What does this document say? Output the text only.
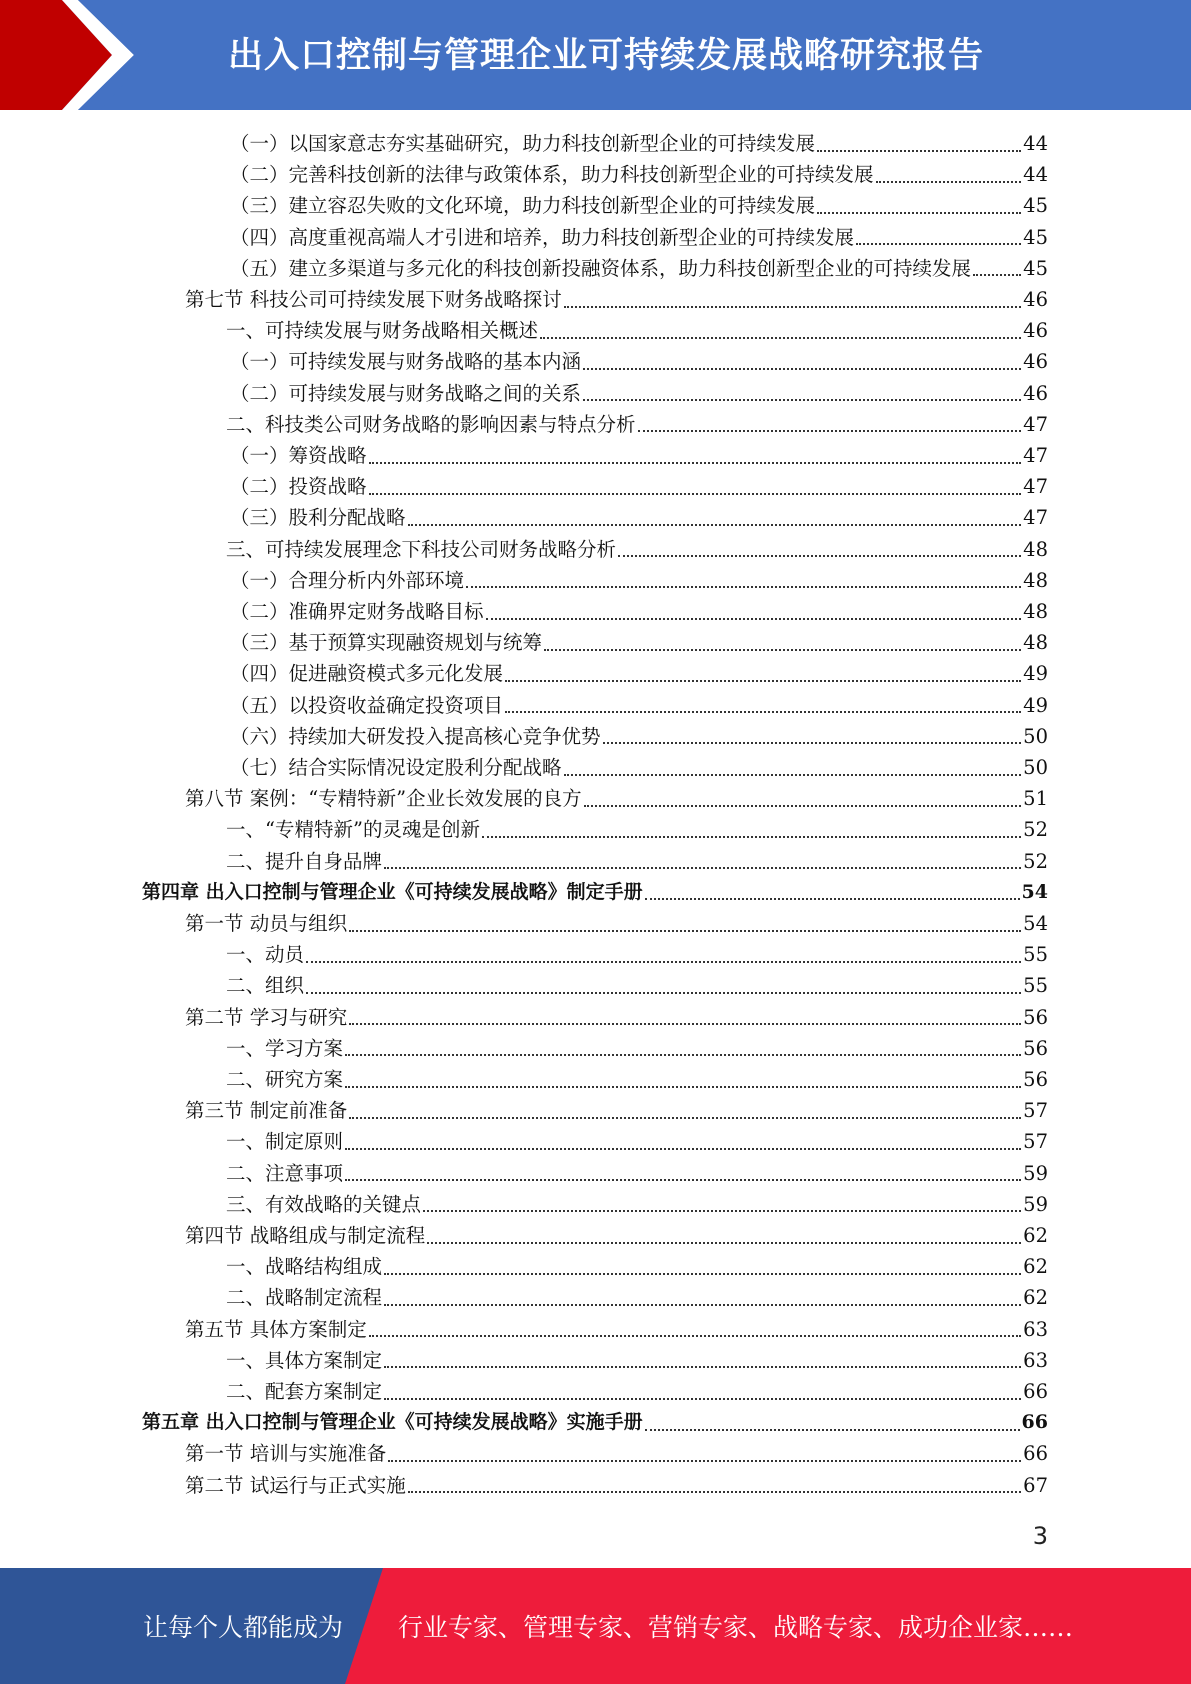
出入口控制与管理企业可持续发展战略研究报告
（一）以国家意志夯实基础研究，助力科技创新型企业的可持续发展	44
（二）完善科技创新的法律与政策体系，助力科技创新型企业的可持续发展	44
（三）建立容忍失败的文化环境，助力科技创新型企业的可持续发展	45
（四）高度重视高端人才引进和培养，助力科技创新型企业的可持续发展	45
（五）建立多渠道与多元化的科技创新投融资体系，助力科技创新型企业的可持续发展	45
第七节 科技公司可持续发展下财务战略探讨	46
一、可持续发展与财务战略相关概述	46
（一）可持续发展与财务战略的基本内涵	46
（二）可持续发展与财务战略之间的关系	46
二、科技类公司财务战略的影响因素与特点分析	47
（一）筹资战略	47
（二）投资战略	47
（三）股利分配战略	47
三、可持续发展理念下科技公司财务战略分析	48
（一）合理分析内外部环境	48
（二）准确界定财务战略目标	48
（三）基于预算实现融资规划与统筹	48
（四）促进融资模式多元化发展	49
（五）以投资收益确定投资项目	49
（六）持续加大研发投入提高核心竞争优势	50
（七）结合实际情况设定股利分配战略	50
第八节 案例：“专精特新”企业长效发展的良方	51
一、“专精特新”的灵魂是创新	52
二、提升自身品牌	52
第四章 出入口控制与管理企业《可持续发展战略》制定手册	54
第一节 动员与组织	54
一、动员	55
二、组织	55
第二节 学习与研究	56
一、学习方案	56
二、研究方案	56
第三节 制定前准备	57
一、制定原则	57
二、注意事项	59
三、有效战略的关键点	59
第四节 战略组成与制定流程	62
一、战略结构组成	62
二、战略制定流程	62
第五节 具体方案制定	63
一、具体方案制定	63
二、配套方案制定	66
第五章 出入口控制与管理企业《可持续发展战略》实施手册	66
第一节 培训与实施准备	66
第二节 试运行与正式实施	67
3
让每个人都能成为 行业专家、管理专家、营销专家、战略专家、成功企业家……
